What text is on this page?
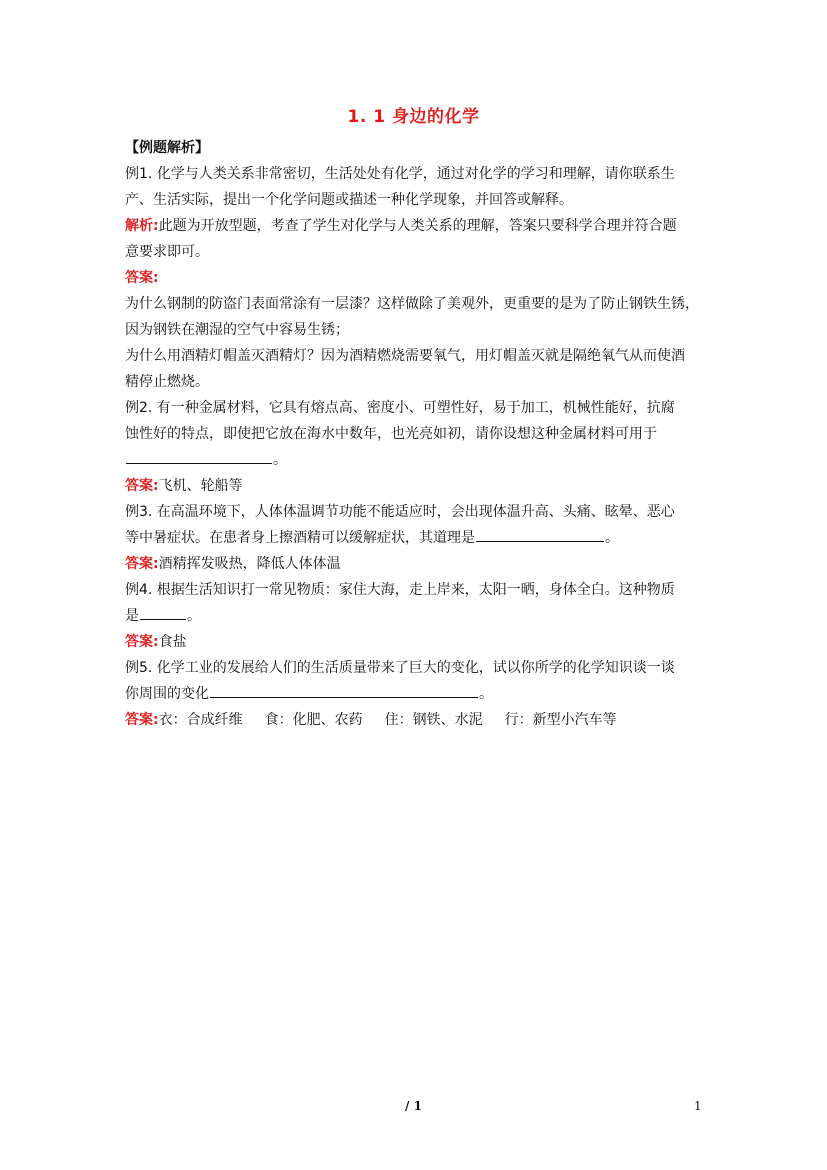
1. 1 身边的化学
【例题解析】
例1. 化学与人类关系非常密切，生活处处有化学，通过对化学的学习和理解，请你联系生
产、生活实际，提出一个化学问题或描述一种化学现象，并回答或解释。
解析:此题为开放型题，考查了学生对化学与人类关系的理解，答案只要科学合理并符合题
意要求即可。
答案:
为什么钢制的防盗门表面常涂有一层漆？这样做除了美观外，更重要的是为了防止钢铁生锈，
因为钢铁在潮湿的空气中容易生锈；
为什么用酒精灯帽盖灭酒精灯？因为酒精燃烧需要氧气，用灯帽盖灭就是隔绝氧气从而使酒
精停止燃烧。
例2. 有一种金属材料，它具有熔点高、密度小、可塑性好，易于加工，机械性能好，抗腐
蚀性好的特点，即使把它放在海水中数年，也光亮如初，请你设想这种金属材料可用于
。
答案:飞机、轮船等
例3. 在高温环境下，人体体温调节功能不能适应时，会出现体温升高、头痛、眩晕、恶心
等中暑症状。在患者身上擦酒精可以缓解症状，其道理是	。
答案:酒精挥发吸热，降低人体体温
例4. 根据生活知识打一常见物质：家住大海，走上岸来，太阳一晒，身体全白。这种物质
是	。
答案:食盐
例5. 化学工业的发展给人们的生活质量带来了巨大的变化，试以你所学的化学知识谈一谈
你周围的变化	。
答案:衣：合成纤维 食：化肥、农药 住：钢铁、水泥 行：新型小汽车等
/ 1	1
